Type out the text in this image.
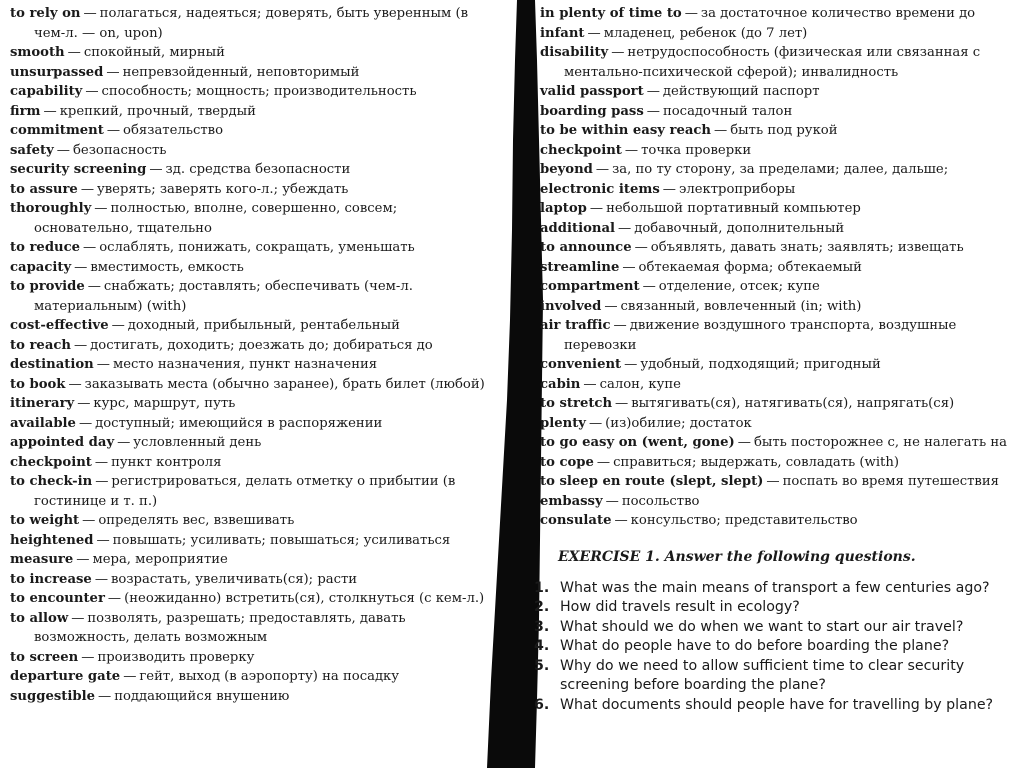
to rely on — полагаться, надеяться; доверять, быть уверенным (в чем-л. — on, upon)

smooth — спокойный, мирный

unsurpassed — непревзойденный, неповторимый

capability — способность; мощность; производительность

firm — крепкий, прочный, твердый

commitment — обязательство

safety — безопасность

security screening — зд. средства безопасности

to assure — уверять; заверять кого-л.; убеждать

thoroughly — полностью, вполне, совершенно, совсем; основательно, тщательно

to reduce — ослаблять, понижать, сокращать, уменьшать

capacity — вместимость, емкость

to provide — снабжать; доставлять; обеспечивать (чем-л. материальным) (with)

cost-effective — доходный, прибыльный, рентабельный

to reach — достигать, доходить; доезжать до; добираться до

destination — место назначения, пункт назначения

to book — заказывать места (обычно заранее), брать билет (любой)

itinerary — курс, маршрут, путь

available — доступный; имеющийся в распоряжении

appointed day — условленный день

checkpoint — пункт контроля

to check-in — регистрироваться, делать отметку о прибытии (в гостинице и т. п.)

to weight — определять вес, взвешивать

heightened — повышать; усиливать; повышаться; усиливаться

measure — мера, мероприятие

to increase — возрастать, увеличивать(ся); расти

to encounter — (неожиданно) встретить(ся), столкнуться (с кем-л.)

to allow — позволять, разрешать; предоставлять, давать возможность, делать возможным

to screen — производить проверку

departure gate — гейт, выход (в аэропорту) на посадку

suggestible — поддающийся внушению

in plenty of time to — за достаточное количество времени до

infant — младенец, ребенок (до 7 лет)

disability — нетрудоспособность (физическая или связанная с ментально-психической сферой); инвалидность

valid passport — действующий паспорт

boarding pass — посадочный талон

to be within easy reach — быть под рукой

checkpoint — точка проверки

beyond — за, по ту сторону, за пределами; далее, дальше;

electronic items — электроприборы

laptop — небольшой портативный компьютер

additional — добавочный, дополнительный

to announce — объявлять, давать знать; заявлять; извещать

streamline — обтекаемая форма; обтекаемый

compartment — отделение, отсек; купе

involved — связанный, вовлеченный (in; with)

air traffic — движение воздушного транспорта, воздушные перевозки

convenient — удобный, подходящий; пригодный

cabin — салон, купе

to stretch — вытягивать(ся), натягивать(ся), напрягать(ся)

plenty — (из)обилие; достаток

to go easy on (went, gone) — быть посторожнее с, не налегать на

to cope — справиться; выдержать, совладать (with)

to sleep en route (slept, slept) — поспать во время путешествия

embassy — посольство

consulate — консульство; представительство

EXERCISE 1. Answer the following questions.
1. What was the main means of transport a few centuries ago?
2. How did travels result in ecology?
3. What should we do when we want to start our air travel?
4. What do people have to do before boarding the plane?
5. Why do we need to allow sufficient time to clear security screening before boarding the plane?
6. What documents should people have for travelling by plane?
